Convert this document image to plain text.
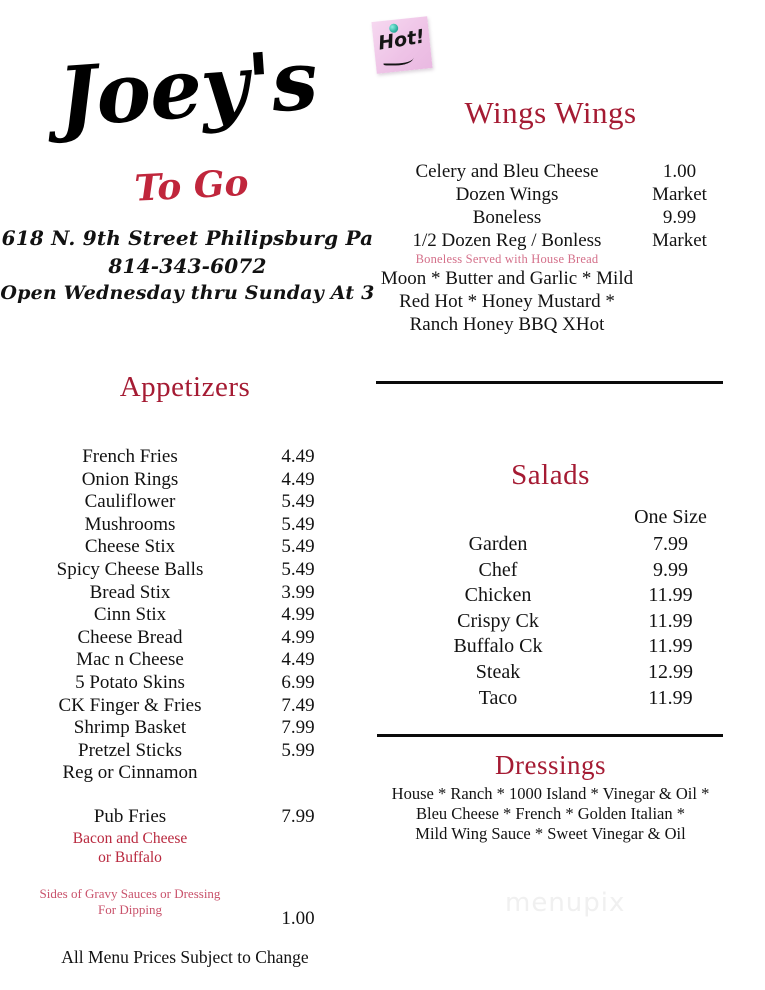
Joey's
To Go
618 N. 9th Street Philipsburg Pa
814-343-6072
Open Wednesday thru Sunday At 3
Hot!
Wings Wings
Celery and Bleu Cheese	1.00
Dozen Wings	Market
Boneless	9.99
1/2 Dozen Reg / Bonless	Market
Boneless Served with House Bread
Moon * Butter and Garlic * Mild
Red Hot * Honey Mustard *
Ranch Honey BBQ XHot
Appetizers
French Fries	4.49
Onion Rings	4.49
Cauliflower	5.49
Mushrooms	5.49
Cheese Stix	5.49
Spicy Cheese Balls	5.49
Bread Stix	3.99
Cinn Stix	4.99
Cheese Bread	4.99
Mac n Cheese	4.49
5 Potato Skins	6.99
CK Finger & Fries	7.49
Shrimp Basket	7.99
Pretzel Sticks	5.99
Reg or Cinnamon
Pub Fries	7.99
Bacon and Cheese
or Buffalo
Sides of Gravy Sauces or Dressing
For Dipping	1.00
All Menu Prices Subject to Change
Salads
One Size
Garden	7.99
Chef	9.99
Chicken	11.99
Crispy Ck	11.99
Buffalo Ck	11.99
Steak	12.99
Taco	11.99
Dressings
House * Ranch * 1000 Island * Vinegar & Oil *
Bleu Cheese * French * Golden Italian *
Mild Wing Sauce * Sweet Vinegar & Oil
menupix
